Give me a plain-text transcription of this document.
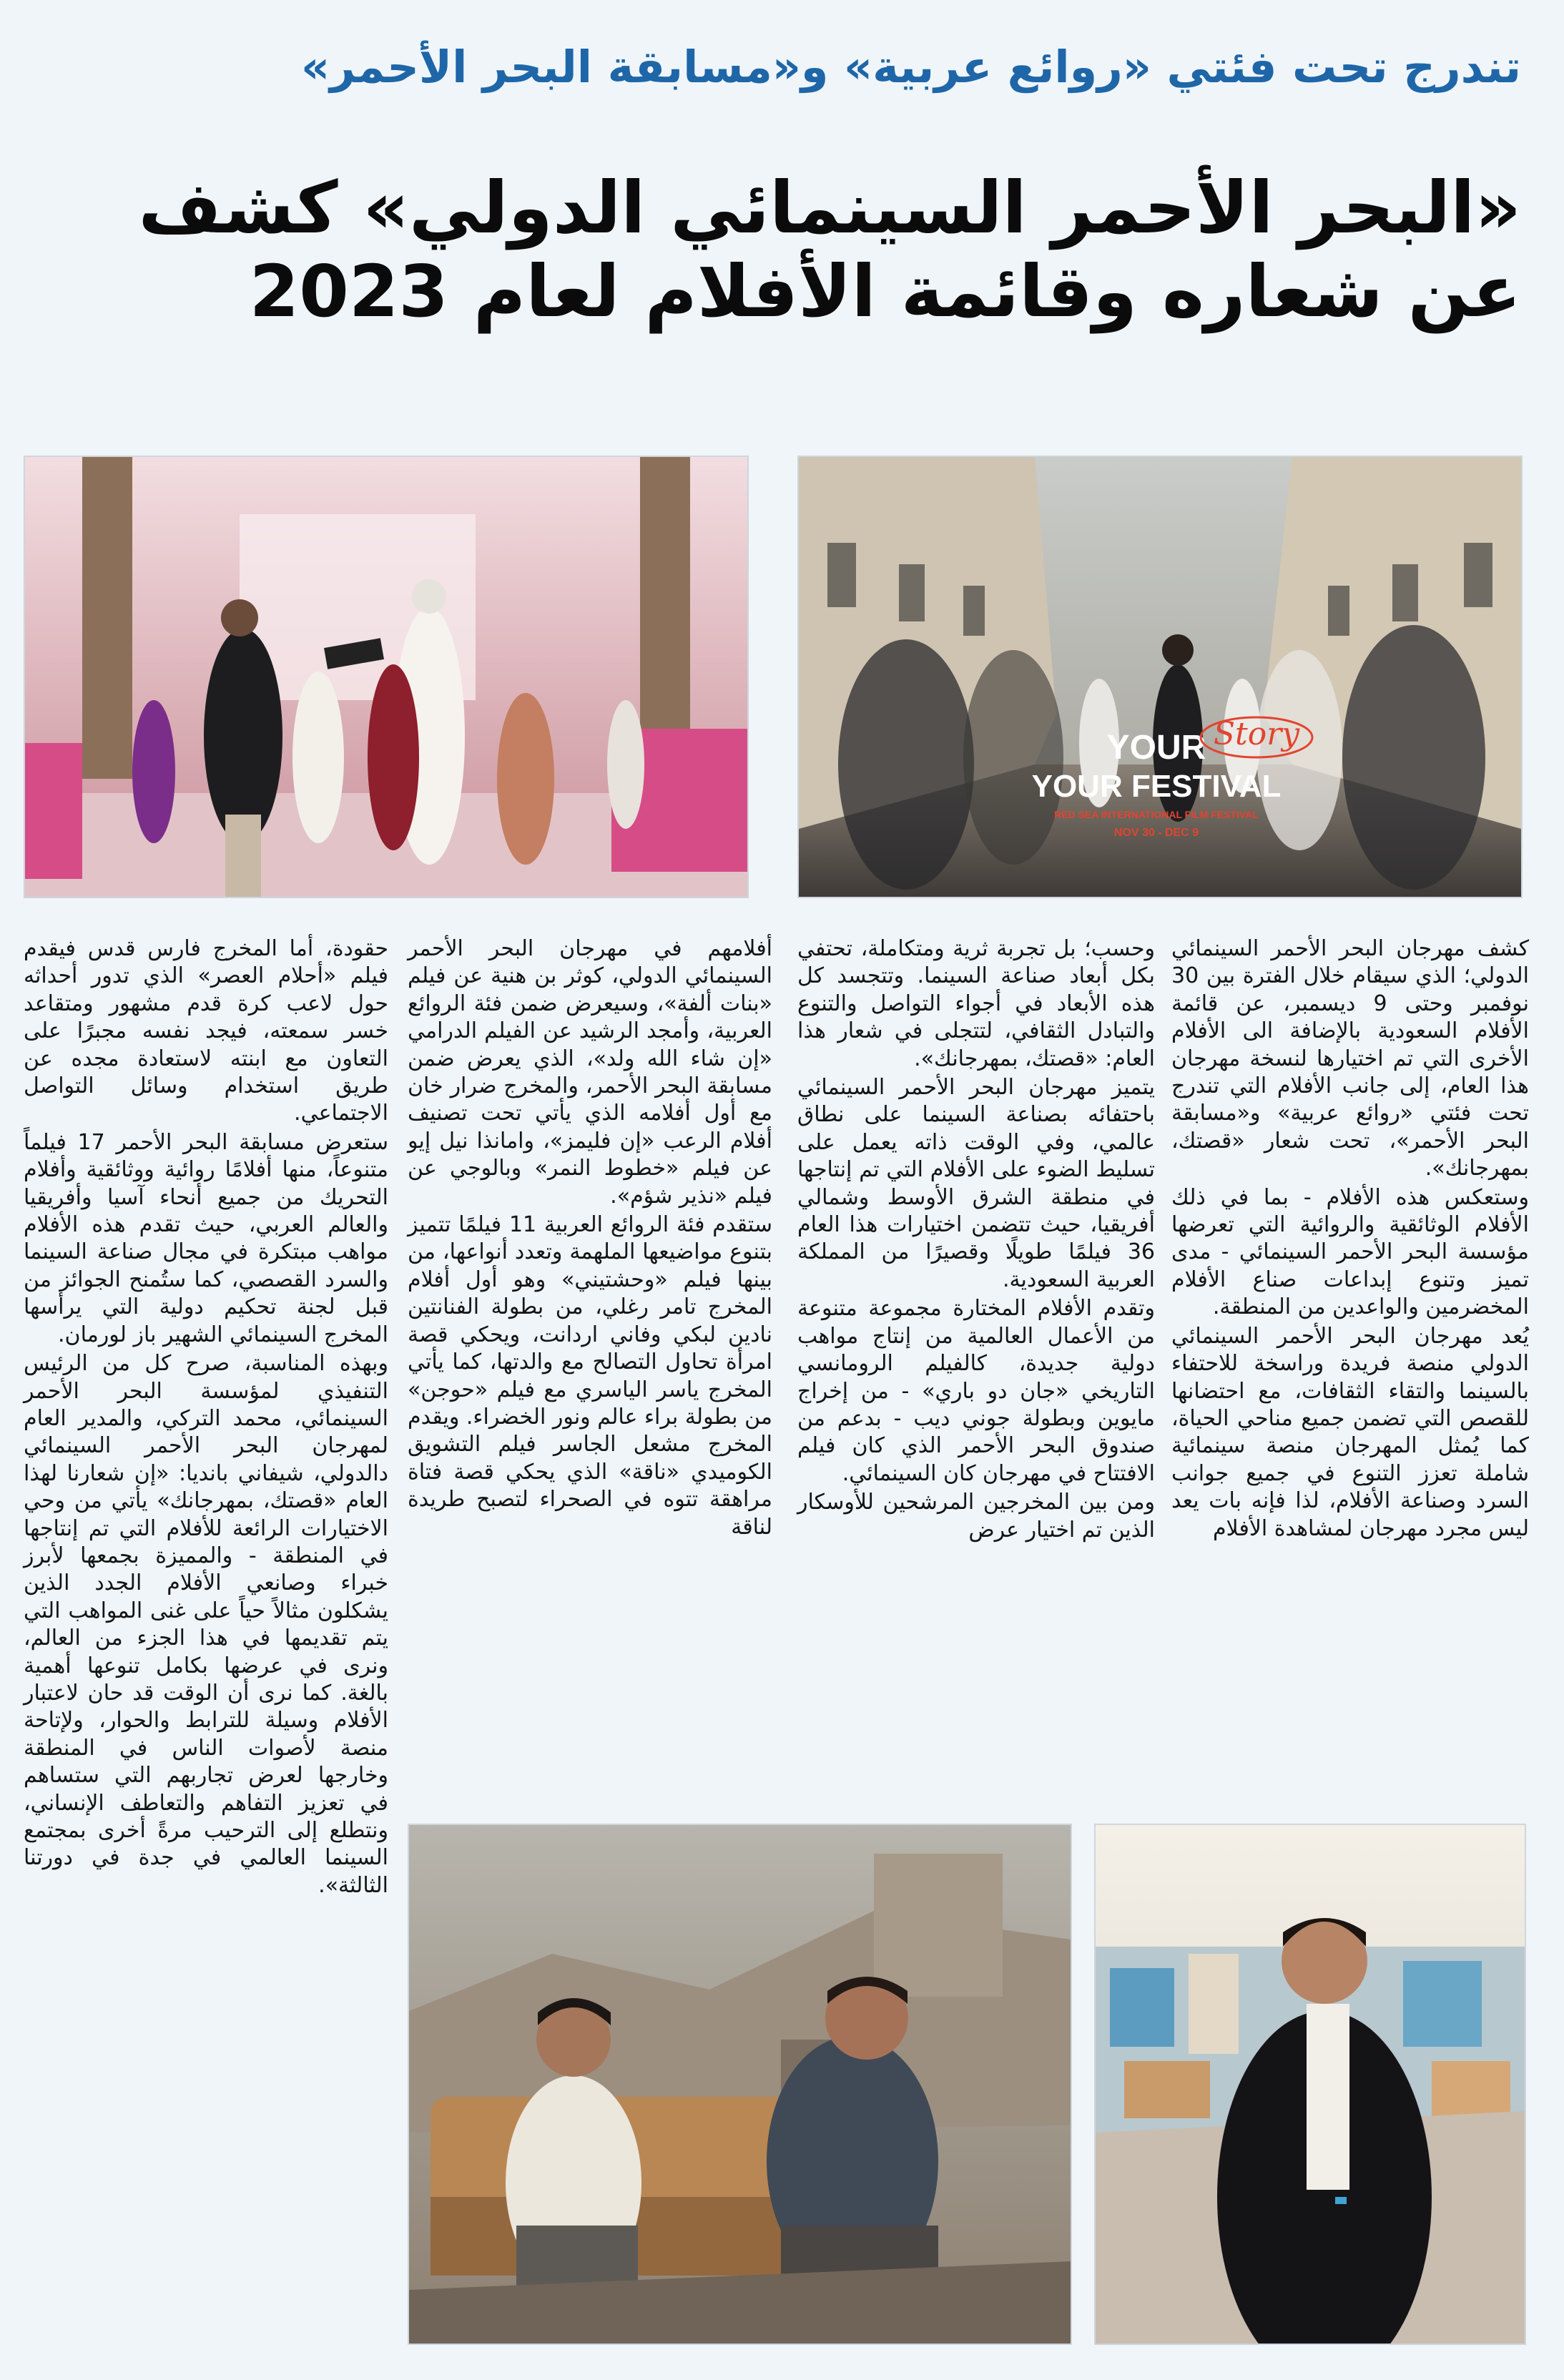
تندرج تحت فئتي «روائع عربية» و«مسابقة البحر الأحمر»
«البحر الأحمر السينمائي الدولي» كشف
عن شعاره وقائمة الأفلام لعام 2023
YOUR Story
YOUR FESTIVAL
RED SEA INTERNATIONAL FILM FESTIVAL
NOV 30 - DEC 9

كشف مهرجان البحر الأحمر السينمائي الدولي؛ الذي سيقام خلال الفترة بين 30 نوفمبر وحتى 9 ديسمبر، عن قائمة الأفلام السعودية بالإضافة الى الأفلام الأخرى التي تم اختيارها لنسخة مهرجان هذا العام، إلى جانب الأفلام التي تندرج تحت فئتي «روائع عربية» و«مسابقة البحر الأحمر»، تحت شعار «قصتك، بمهرجانك».

وستعكس هذه الأفلام - بما في ذلك الأفلام الوثائقية والروائية التي تعرضها مؤسسة البحر الأحمر السينمائي - مدى تميز وتنوع إبداعات صناع الأفلام المخضرمين والواعدين من المنطقة.

يُعد مهرجان البحر الأحمر السينمائي الدولي منصة فريدة وراسخة للاحتفاء بالسينما والتقاء الثقافات، مع احتضانها للقصص التي تضمن جميع مناحي الحياة، كما يُمثل المهرجان منصة سينمائية شاملة تعزز التنوع في جميع جوانب السرد وصناعة الأفلام، لذا فإنه بات يعد ليس مجرد مهرجان لمشاهدة الأفلام

وحسب؛ بل تجربة ثرية ومتكاملة، تحتفي بكل أبعاد صناعة السينما. وتتجسد كل هذه الأبعاد في أجواء التواصل والتنوع والتبادل الثقافي، لتتجلى في شعار هذا العام: «قصتك، بمهرجانك».

يتميز مهرجان البحر الأحمر السينمائي باحتفائه بصناعة السينما على نطاق عالمي، وفي الوقت ذاته يعمل على تسليط الضوء على الأفلام التي تم إنتاجها في منطقة الشرق الأوسط وشمالي أفريقيا، حيث تتضمن اختيارات هذا العام 36 فيلمًا طويلًا وقصيرًا من المملكة العربية السعودية.

وتقدم الأفلام المختارة مجموعة متنوعة من الأعمال العالمية من إنتاج مواهب دولية جديدة، كالفيلم الرومانسي التاريخي «جان دو باري» - من إخراج مايوين وبطولة جوني ديب - بدعم من صندوق البحر الأحمر الذي كان فيلم الافتتاح في مهرجان كان السينمائي.

ومن بين المخرجين المرشحين للأوسكار الذين تم اختيار عرض

أفلامهم في مهرجان البحر الأحمر السينمائي الدولي، كوثر بن هنية عن فيلم «بنات ألفة»، وسيعرض ضمن فئة الروائع العربية، وأمجد الرشيد عن الفيلم الدرامي «إن شاء الله ولد»، الذي يعرض ضمن مسابقة البحر الأحمر، والمخرج ضرار خان مع أول أفلامه الذي يأتي تحت تصنيف أفلام الرعب «إن فليمز»، وامانذا نيل إيو عن فيلم «خطوط النمر» وبالوجي عن فيلم «نذير شؤم».

ستقدم فئة الروائع العربية 11 فيلمًا تتميز بتنوع مواضيعها الملهمة وتعدد أنواعها، من بينها فيلم «وحشتيني» وهو أول أفلام المخرج تامر رغلي، من بطولة الفنانتين نادين لبكي وفاني اردانت، ويحكي قصة امرأة تحاول التصالح مع والدتها، كما يأتي المخرج ياسر الياسري مع فيلم «حوجن» من بطولة براء عالم ونور الخضراء. ويقدم المخرج مشعل الجاسر فيلم التشويق الكوميدي «ناقة» الذي يحكي قصة فتاة مراهقة تتوه في الصحراء لتصبح طريدة لناقة

حقودة، أما المخرج فارس قدس فيقدم فيلم «أحلام العصر» الذي تدور أحداثه حول لاعب كرة قدم مشهور ومتقاعد خسر سمعته، فيجد نفسه مجبرًا على التعاون مع ابنته لاستعادة مجده عن طريق استخدام وسائل التواصل الاجتماعي.

ستعرض مسابقة البحر الأحمر 17 فيلماً متنوعاً، منها أفلامًا روائية ووثائقية وأفلام التحريك من جميع أنحاء آسيا وأفريقيا والعالم العربي، حيث تقدم هذه الأفلام مواهب مبتكرة في مجال صناعة السينما والسرد القصصي، كما ستُمنح الجوائز من قبل لجنة تحكيم دولية التي يرأسها المخرج السينمائي الشهير باز لورمان.

وبهذه المناسبة، صرح كل من الرئيس التنفيذي لمؤسسة البحر الأحمر السينمائي، محمد التركي، والمدير العام لمهرجان البحر الأحمر السينمائي دالدولي، شيفاني باندیا: «إن شعارنا لهذا العام «قصتك، بمهرجانك» يأتي من وحي الاختيارات الرائعة للأفلام التي تم إنتاجها في المنطقة - والمميزة بجمعها لأبرز خبراء وصانعي الأفلام الجدد الذين يشكلون مثالاً حياً على غنى المواهب التي يتم تقديمها في هذا الجزء من العالم، ونرى في عرضها بكامل تنوعها أهمية بالغة. كما نرى أن الوقت قد حان لاعتبار الأفلام وسيلة للترابط والحوار، ولإتاحة منصة لأصوات الناس في المنطقة وخارجها لعرض تجاربهم التي ستساهم في تعزيز التفاهم والتعاطف الإنساني، ونتطلع إلى الترحيب مرةً أخرى بمجتمع السينما العالمي في جدة في دورتنا الثالثة».
